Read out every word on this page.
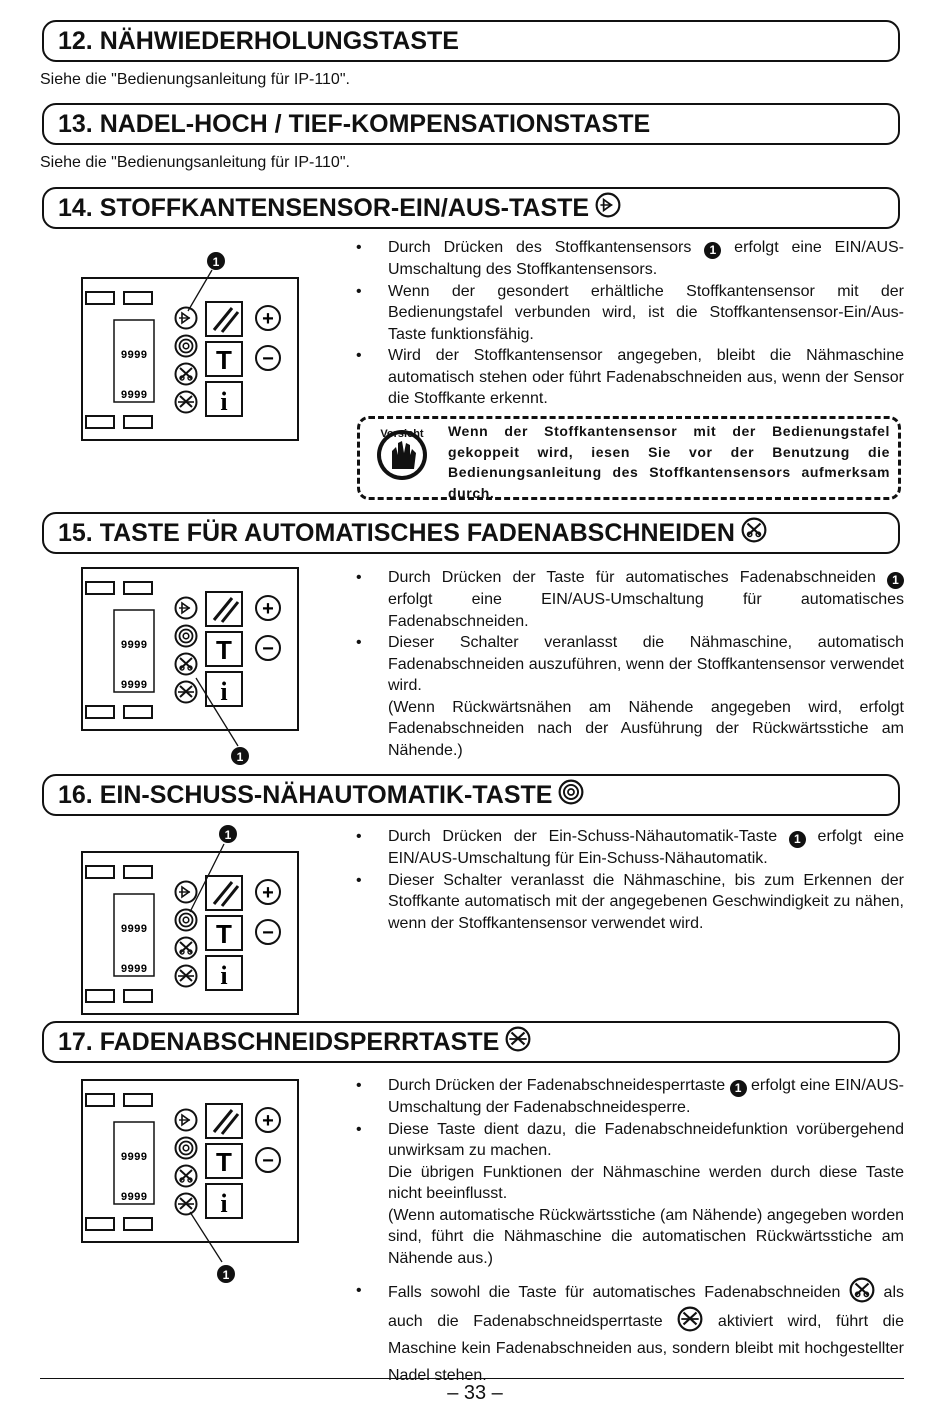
12. NÄHWIEDERHOLUNGSTASTE
Siehe die "Bedienungsanleitung für IP-110".
13. NADEL-HOCH / TIEF-KOMPENSATIONSTASTE
Siehe die "Bedienungsanleitung für IP-110".
14. STOFFKANTENSENSOR-EIN/AUS-TASTE
1
9999
9999
T
i
+
−
• Durch Drücken des Stoffkantensensors 1 erfolgt eine EIN/AUS-Umschaltung des Stoffkantensensors.
• Wenn der gesondert erhältliche Stoffkantensensor mit der Bedienungstafel verbunden wird, ist die Stoffkantensensor-Ein/Aus-Taste funktionsfähig.
• Wird der Stoffkantensensor angegeben, bleibt die Nähmaschine automatisch stehen oder führt Fadenabschneiden aus, wenn der Sensor die Stoffkante erkennt.
Vorsicht Wenn der Stoffkantensensor mit der Bedienungstafel gekoppeit wird, iesen Sie vor der Benutzung die Bedienungsanleitung des Stoffkantensensors aufmerksam durch.
15. TASTE FÜR AUTOMATISCHES FADENABSCHNEIDEN
9999
9999
T
i
+
−
1
• Durch Drücken der Taste für automatisches Fadenabschneiden 1 erfolgt eine EIN/AUS-Umschaltung für automatisches Fadenabschneiden.
• Dieser Schalter veranlasst die Nähmaschine, automatisch Fadenabschneiden auszuführen, wenn der Stoffkantensensor verwendet wird.
(Wenn Rückwärtsnähen am Nähende angegeben wird, erfolgt Fadenabschneiden nach der Ausführung der Rückwärtsstiche am Nähende.)
16. EIN-SCHUSS-NÄHAUTOMATIK-TASTE
1
9999
9999
T
i
+
−
• Durch Drücken der Ein-Schuss-Nähautomatik-Taste 1 erfolgt eine EIN/AUS-Umschaltung für Ein-Schuss-Nähautomatik.
• Dieser Schalter veranlasst die Nähmaschine, bis zum Erkennen der Stoffkante automatisch mit der angegebenen Geschwindigkeit zu nähen, wenn der Stoffkantensensor verwendet wird.
17. FADENABSCHNEIDSPERRTASTE
9999
9999
T
i
+
−
1
• Durch Drücken der Fadenabschneidesperrtaste 1 erfolgt eine EIN/AUS-Umschaltung der Fadenabschneidesperre.
• Diese Taste dient dazu, die Fadenabschneidefunktion vorübergehend unwirksam zu machen.
Die übrigen Funktionen der Nähmaschine werden durch diese Taste nicht beeinflusst.
(Wenn automatische Rückwärtsstiche (am Nähende) angegeben worden sind, führt die Nähmaschine die automatischen Rückwärtsstiche am Nähende aus.)
• Falls sowohl die Taste für automatisches Fadenabschneiden  als auch die Fadenabschneidsperrtaste  aktiviert wird, führt die Maschine kein Fadenabschneiden aus, sondern bleibt mit hochgestellter Nadel stehen.
– 33 –
